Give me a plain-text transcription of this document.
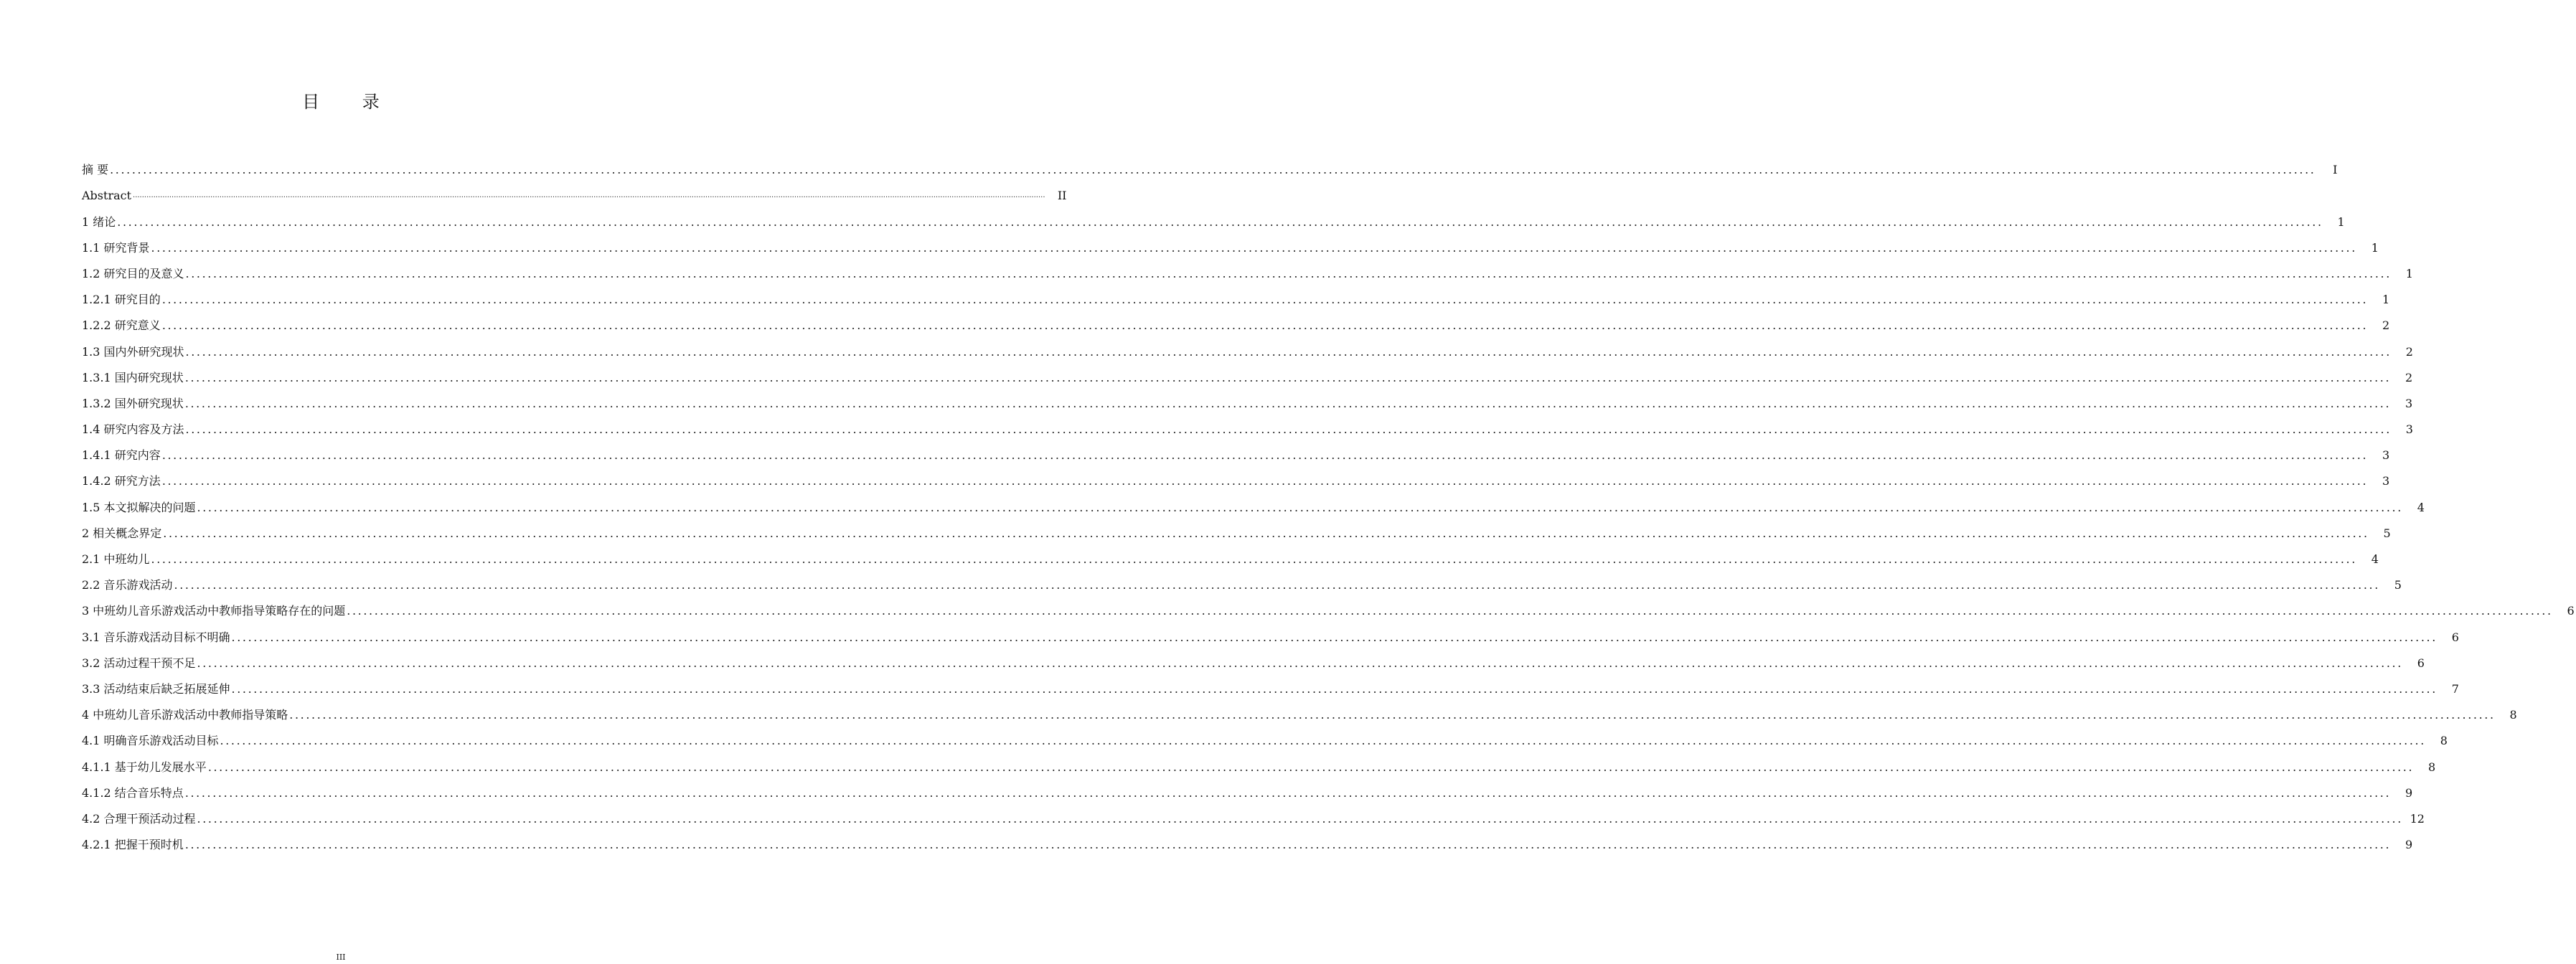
目 录
摘 要 ................................................................................................................................................................................................................................................................................................................................................................................................................	I
Abstract ................................................................................................................................................................................................................................................................................................................................................................................................................	II
1 绪论 ................................................................................................................................................................................................................................................................................................................................................................................................................	1
1.1 研究背景 ................................................................................................................................................................................................................................................................................................................................................................................................................	1
1.2 研究目的及意义 ................................................................................................................................................................................................................................................................................................................................................................................................................	1
1.2.1 研究目的 ................................................................................................................................................................................................................................................................................................................................................................................................................	1
1.2.2 研究意义 ................................................................................................................................................................................................................................................................................................................................................................................................................	2
1.3 国内外研究现状 ................................................................................................................................................................................................................................................................................................................................................................................................................	2
1.3.1 国内研究现状 ................................................................................................................................................................................................................................................................................................................................................................................................................	2
1.3.2 国外研究现状 ................................................................................................................................................................................................................................................................................................................................................................................................................	3
1.4 研究内容及方法 ................................................................................................................................................................................................................................................................................................................................................................................................................	3
1.4.1 研究内容 ................................................................................................................................................................................................................................................................................................................................................................................................................	3
1.4.2 研究方法 ................................................................................................................................................................................................................................................................................................................................................................................................................	3
1.5 本文拟解决的问题 ................................................................................................................................................................................................................................................................................................................................................................................................................	4
2 相关概念界定 ................................................................................................................................................................................................................................................................................................................................................................................................................	5
2.1 中班幼儿 ................................................................................................................................................................................................................................................................................................................................................................................................................	4
2.2 音乐游戏活动 ................................................................................................................................................................................................................................................................................................................................................................................................................	5
3 中班幼儿音乐游戏活动中教师指导策略存在的问题 ................................................................................................................................................................................................................................................................................................................................................................................................................	6
3.1 音乐游戏活动目标不明确 ................................................................................................................................................................................................................................................................................................................................................................................................................	6
3.2 活动过程干预不足 ................................................................................................................................................................................................................................................................................................................................................................................................................	6
3.3 活动结束后缺乏拓展延伸 ................................................................................................................................................................................................................................................................................................................................................................................................................	7
4 中班幼儿音乐游戏活动中教师指导策略 ................................................................................................................................................................................................................................................................................................................................................................................................................	8
4.1 明确音乐游戏活动目标 ................................................................................................................................................................................................................................................................................................................................................................................................................	8
4.1.1 基于幼儿发展水平 ................................................................................................................................................................................................................................................................................................................................................................................................................	8
4.1.2 结合音乐特点 ................................................................................................................................................................................................................................................................................................................................................................................................................	9
4.2 合理干预活动过程 ................................................................................................................................................................................................................................................................................................................................................................................................................ 12
4.2.1 把握干预时机 ................................................................................................................................................................................................................................................................................................................................................................................................................	9
III
